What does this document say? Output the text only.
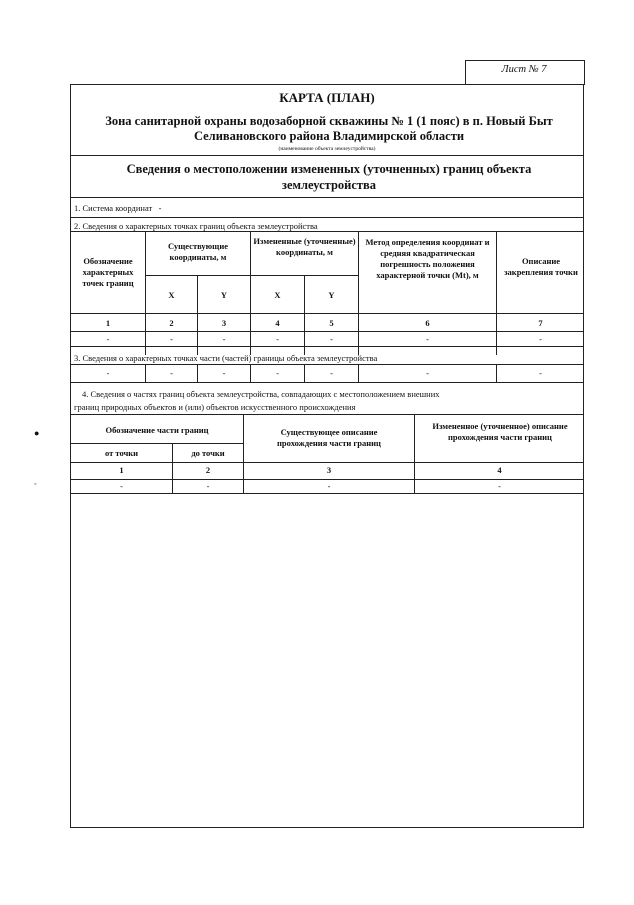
Лист № 7
●
◦
КАРТА (ПЛАН)
Зона санитарной охраны водозаборной скважины № 1 (1 пояс) в п. Новый Быт Селивановского района Владимирской области
(наименование объекта землеустройства)
Сведения о местоположении измененных (уточненных) границ объекта землеустройства
1. Система координат -
2. Сведения о характерных точках границ объекта землеустройства
Обозначение характерных точек границ
Существующие координаты, м
Измененные (уточненные) координаты, м
Метод определения координат и средняя квадратическая погрешность положения характерной точки (Mt), м
Описание закрепления точки
X	Y	X	Y
1	2	3	4	5	6	7
-	-	-	-	-	-	-
3. Сведения о характерных точках части (частей) границы объекта землеустройства
-	-	-	-	-	-	-
4. Сведения о частях границ объекта землеустройства, совпадающих с местоположением внешних
границ природных объектов и (или) объектов искусственного происхождения
Обозначение части границ
от точки	до точки
Существующее описание прохождения части границ
Измененное (уточненное) описание прохождения части границ
1	2	3	4
-	-	-	-
